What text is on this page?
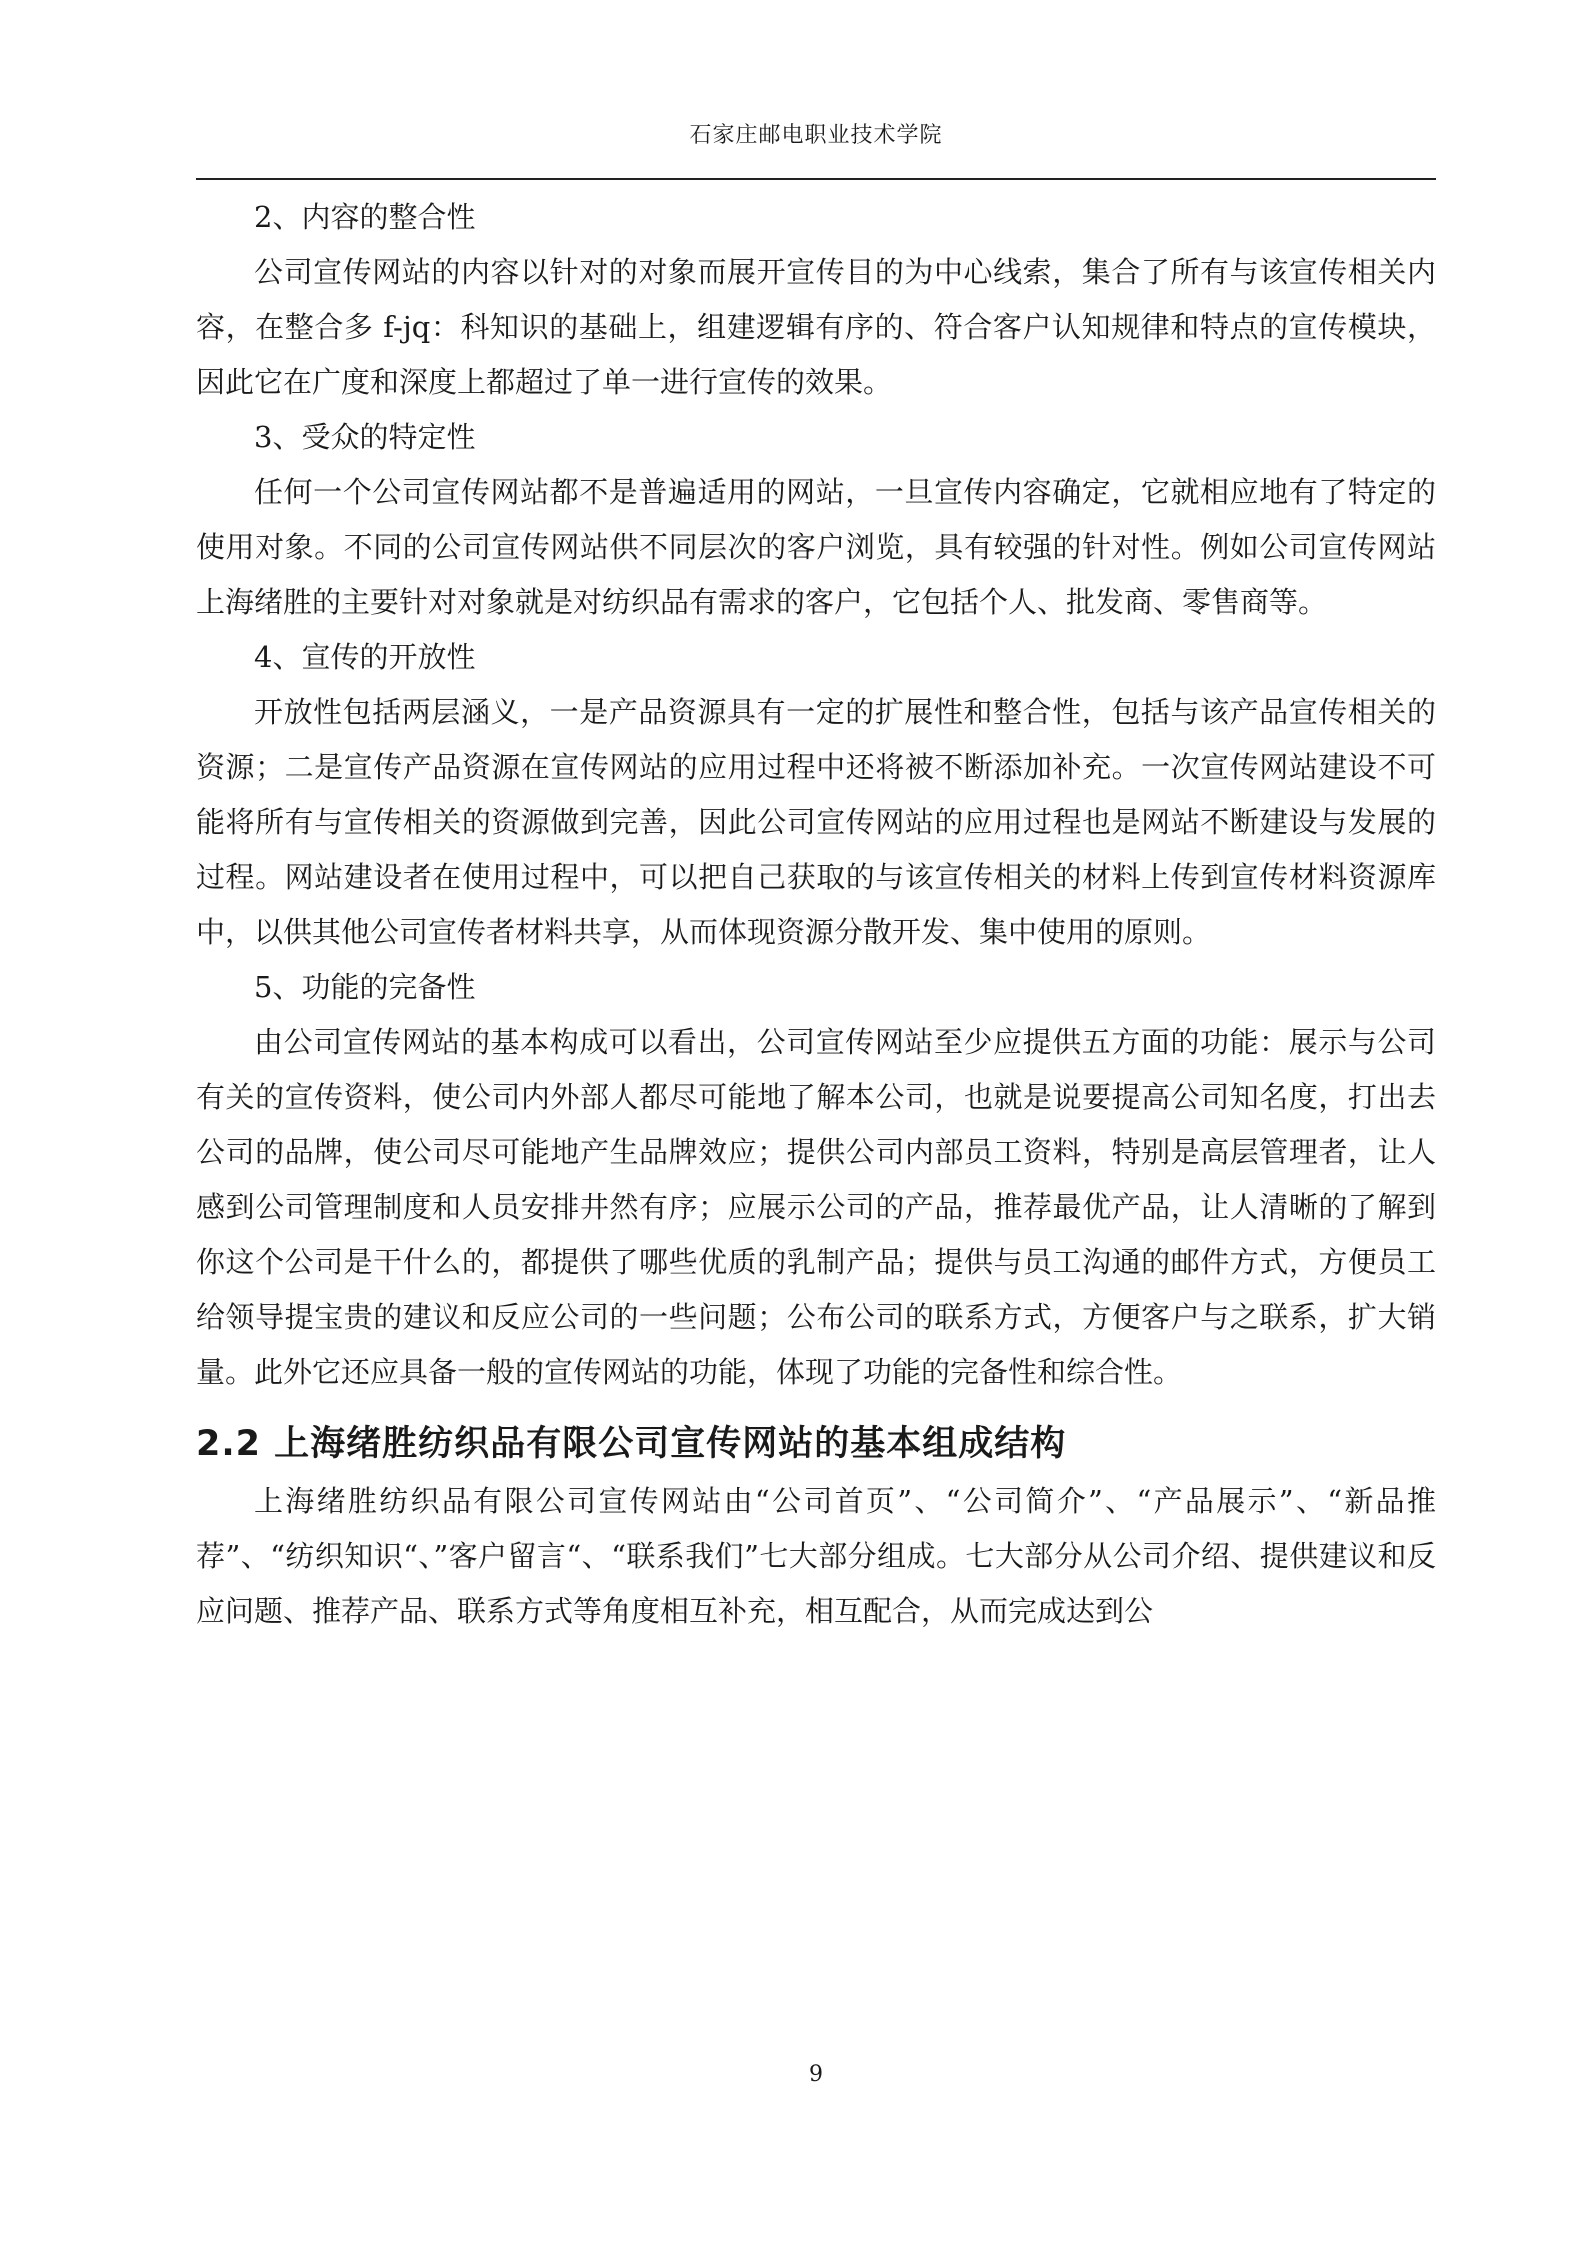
石家庄邮电职业技术学院

2、内容的整合性

公司宣传网站的内容以针对的对象而展开宣传目的为中心线索，集合了所有与该宣传相关内容，在整合多 f-jq：科知识的基础上，组建逻辑有序的、符合客户认知规律和特点的宣传模块，因此它在广度和深度上都超过了单一进行宣传的效果。

3、受众的特定性

任何一个公司宣传网站都不是普遍适用的网站，一旦宣传内容确定，它就相应地有了特定的使用对象。不同的公司宣传网站供不同层次的客户浏览，具有较强的针对性。例如公司宣传网站上海绪胜的主要针对对象就是对纺织品有需求的客户，它包括个人、批发商、零售商等。

4、宣传的开放性

开放性包括两层涵义，一是产品资源具有一定的扩展性和整合性，包括与该产品宣传相关的资源；二是宣传产品资源在宣传网站的应用过程中还将被不断添加补充。一次宣传网站建设不可能将所有与宣传相关的资源做到完善，因此公司宣传网站的应用过程也是网站不断建设与发展的过程。网站建设者在使用过程中，可以把自己获取的与该宣传相关的材料上传到宣传材料资源库中，以供其他公司宣传者材料共享，从而体现资源分散开发、集中使用的原则。

5、功能的完备性

由公司宣传网站的基本构成可以看出，公司宣传网站至少应提供五方面的功能：展示与公司有关的宣传资料，使公司内外部人都尽可能地了解本公司，也就是说要提高公司知名度，打出去公司的品牌，使公司尽可能地产生品牌效应；提供公司内部员工资料，特别是高层管理者，让人感到公司管理制度和人员安排井然有序；应展示公司的产品，推荐最优产品，让人清晰的了解到你这个公司是干什么的，都提供了哪些优质的乳制产品；提供与员工沟通的邮件方式，方便员工给领导提宝贵的建议和反应公司的一些问题；公布公司的联系方式，方便客户与之联系，扩大销量。此外它还应具备一般的宣传网站的功能，体现了功能的完备性和综合性。

2.2 上海绪胜纺织品有限公司宣传网站的基本组成结构

上海绪胜纺织品有限公司宣传网站由“公司首页”、“公司简介”、“产品展示”、“新品推荐”、“纺织知识“、”客户留言“、“联系我们”七大部分组成。七大部分从公司介绍、提供建议和反应问题、推荐产品、联系方式等角度相互补充，相互配合，从而完成达到公

9
